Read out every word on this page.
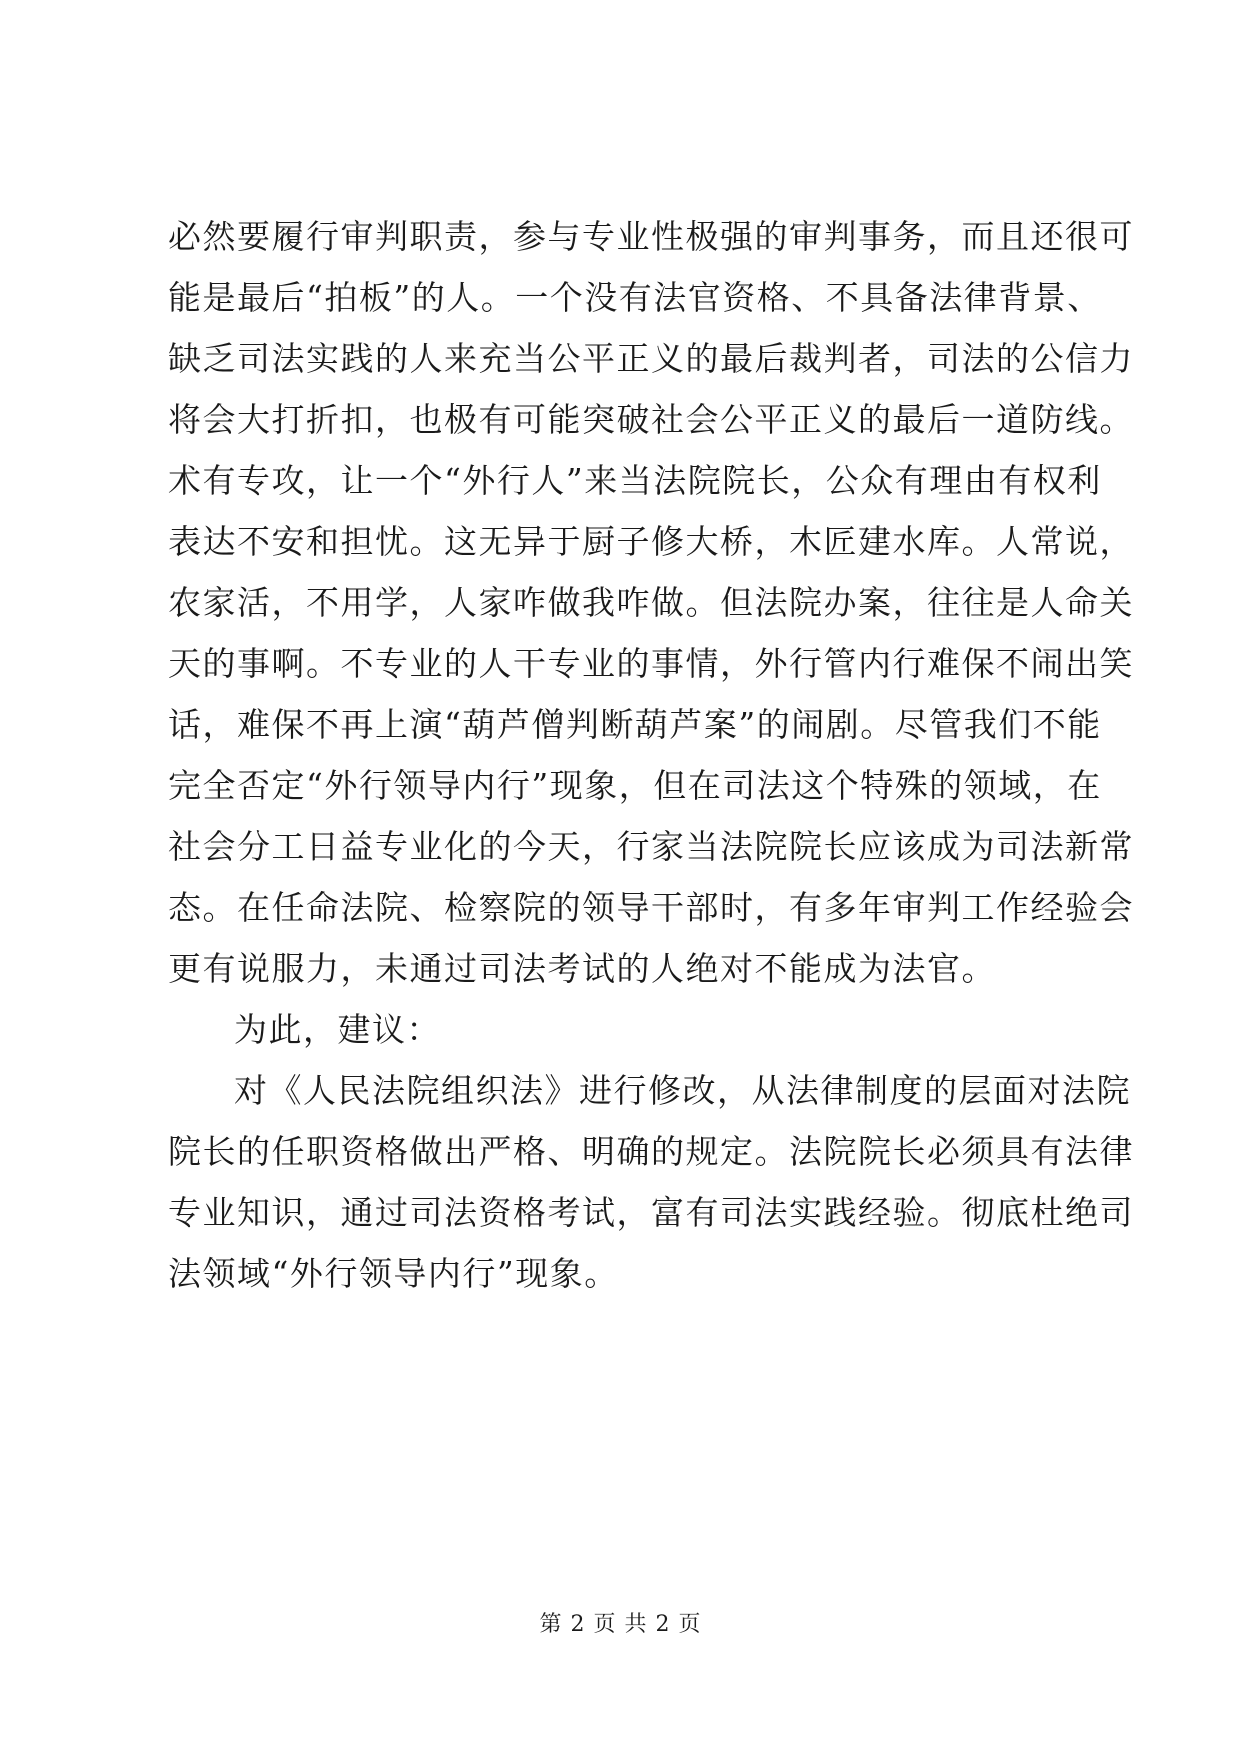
必然要履行审判职责，参与专业性极强的审判事务，而且还很可
能是最后“拍板”的人。一个没有法官资格、不具备法律背景、
缺乏司法实践的人来充当公平正义的最后裁判者，司法的公信力
将会大打折扣，也极有可能突破社会公平正义的最后一道防线。
术有专攻，让一个“外行人”来当法院院长，公众有理由有权利
表达不安和担忧。这无异于厨子修大桥，木匠建水库。人常说，
农家活，不用学，人家咋做我咋做。但法院办案，往往是人命关
天的事啊。不专业的人干专业的事情，外行管内行难保不闹出笑
话，难保不再上演“葫芦僧判断葫芦案”的闹剧。尽管我们不能
完全否定“外行领导内行”现象，但在司法这个特殊的领域，在
社会分工日益专业化的今天，行家当法院院长应该成为司法新常
态。在任命法院、检察院的领导干部时，有多年审判工作经验会
更有说服力，未通过司法考试的人绝对不能成为法官。
为此，建议：
对《人民法院组织法》进行修改，从法律制度的层面对法院
院长的任职资格做出严格、明确的规定。法院院长必须具有法律
专业知识，通过司法资格考试，富有司法实践经验。彻底杜绝司
法领域“外行领导内行”现象。
第 2 页 共 2 页
